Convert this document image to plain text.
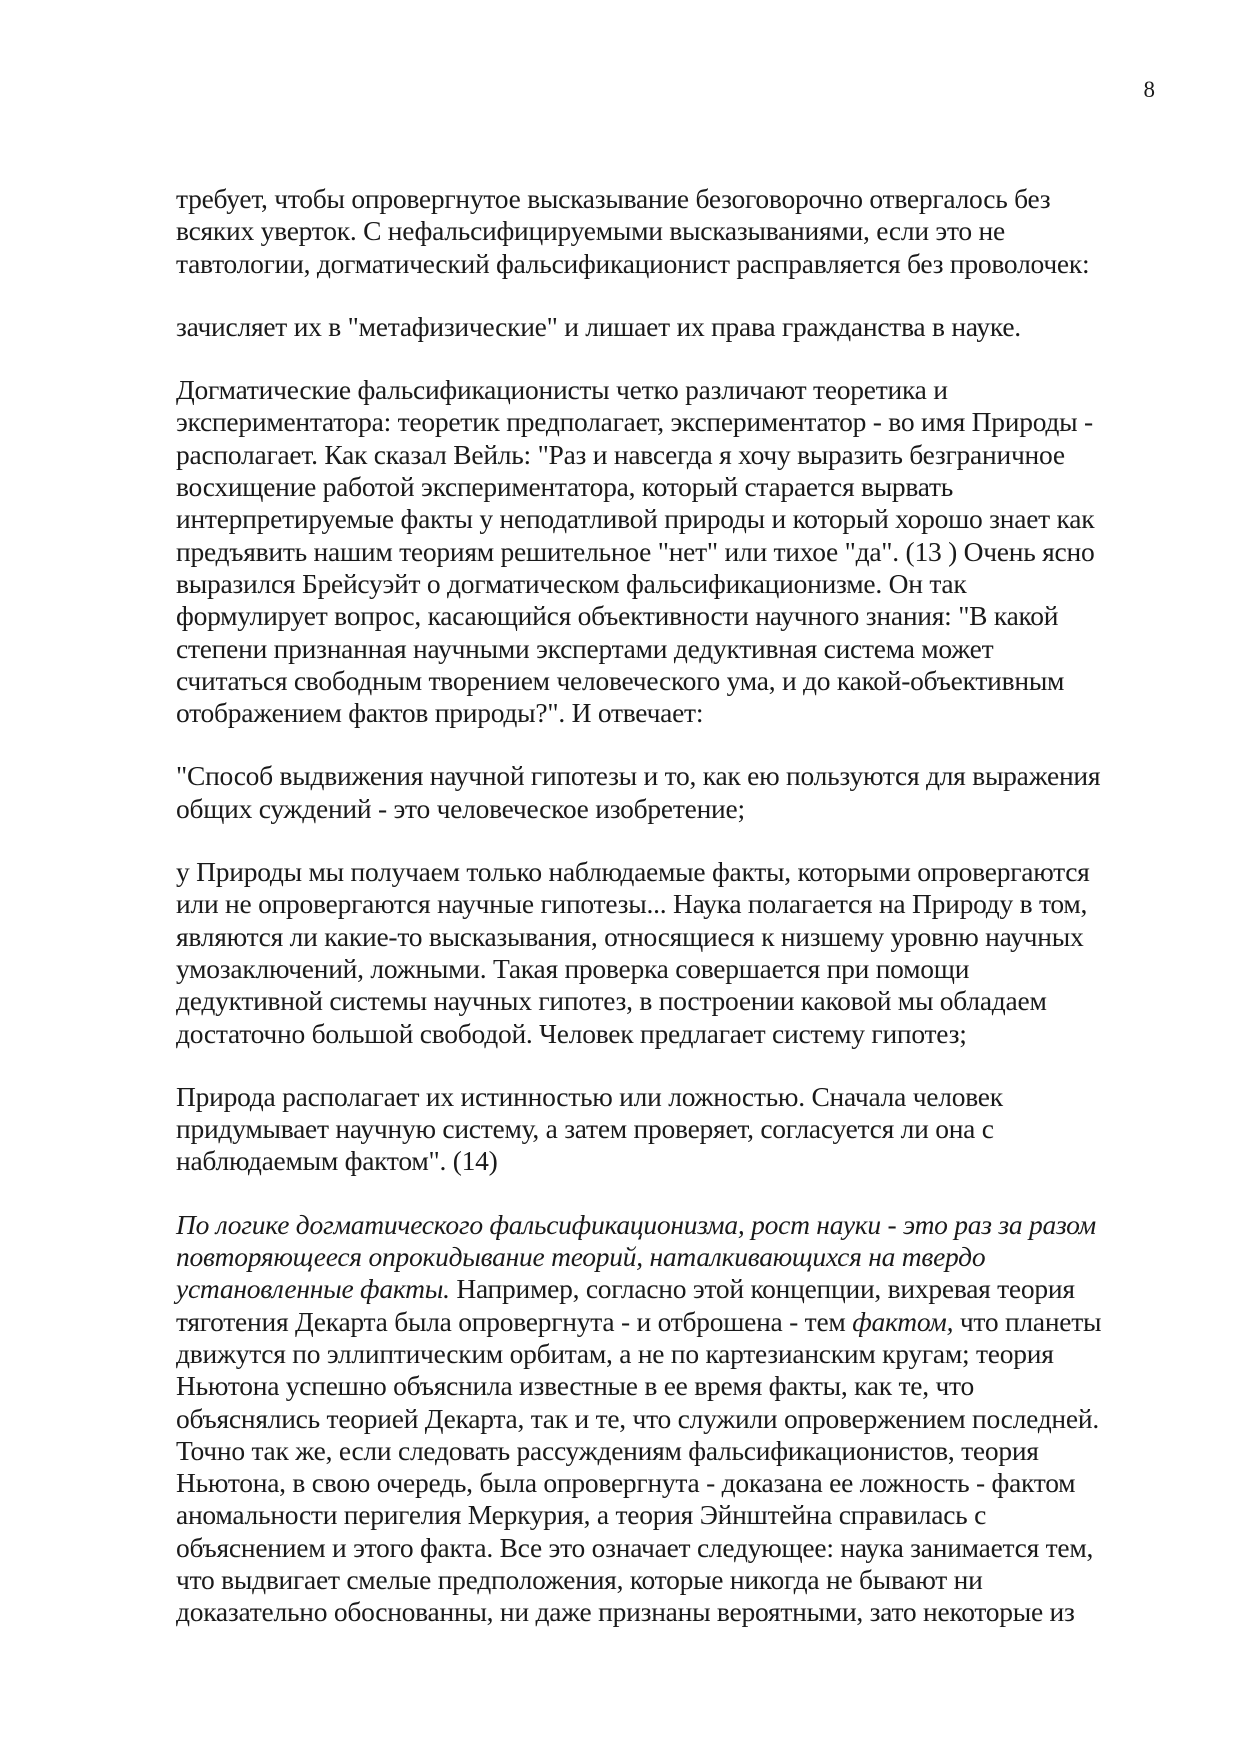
8
требует, чтобы опровергнутое высказывание безоговорочно отвергалось без
всяких уверток. С нефальсифицируемыми высказываниями, если это не
тавтологии, догматический фальсификационист расправляется без проволочек:
зачисляет их в "метафизические" и лишает их права гражданства в науке.
Догматические фальсификационисты четко различают теоретика и
экспериментатора: теоретик предполагает, экспериментатор - во имя Природы -
располагает. Как сказал Вейль: "Раз и навсегда я хочу выразить безграничное
восхищение работой экспериментатора, который старается вырвать
интерпретируемые факты у неподатливой природы и который хорошо знает как
предъявить нашим теориям решительное "нет" или тихое "да". (13 ) Очень ясно
выразился Брейсуэйт о догматическом фальсификационизме. Он так
формулирует вопрос, касающийся объективности научного знания: "В какой
степени признанная научными экспертами дедуктивная система может
считаться свободным творением человеческого ума, и до какой-объективным
отображением фактов природы?". И отвечает:
"Способ выдвижения научной гипотезы и то, как ею пользуются для выражения
общих суждений - это человеческое изобретение;
у Природы мы получаем только наблюдаемые факты, которыми опровергаются
или не опровергаются научные гипотезы... Наука полагается на Природу в том,
являются ли какие-то высказывания, относящиеся к низшему уровню научных
умозаключений, ложными. Такая проверка совершается при помощи
дедуктивной системы научных гипотез, в построении каковой мы обладаем
достаточно большой свободой. Человек предлагает систему гипотез;
Природа располагает их истинностью или ложностью. Сначала человек
придумывает научную систему, а затем проверяет, согласуется ли она с
наблюдаемым фактом". (14)
По логике догматического фальсификационизма, рост науки - это раз за разом
повторяющееся опрокидывание теорий, наталкивающихся на твердо
установленные факты. Например, согласно этой концепции, вихревая теория
тяготения Декарта была опровергнута - и отброшена - тем фактом, что планеты
движутся по эллиптическим орбитам, а не по картезианским кругам; теория
Ньютона успешно объяснила известные в ее время факты, как те, что
объяснялись теорией Декарта, так и те, что служили опровержением последней.
Точно так же, если следовать рассуждениям фальсификационистов, теория
Ньютона, в свою очередь, была опровергнута - доказана ее ложность - фактом
аномальности перигелия Меркурия, а теория Эйнштейна справилась с
объяснением и этого факта. Все это означает следующее: наука занимается тем,
что выдвигает смелые предположения, которые никогда не бывают ни
доказательно обоснованны, ни даже признаны вероятными, зато некоторые из
